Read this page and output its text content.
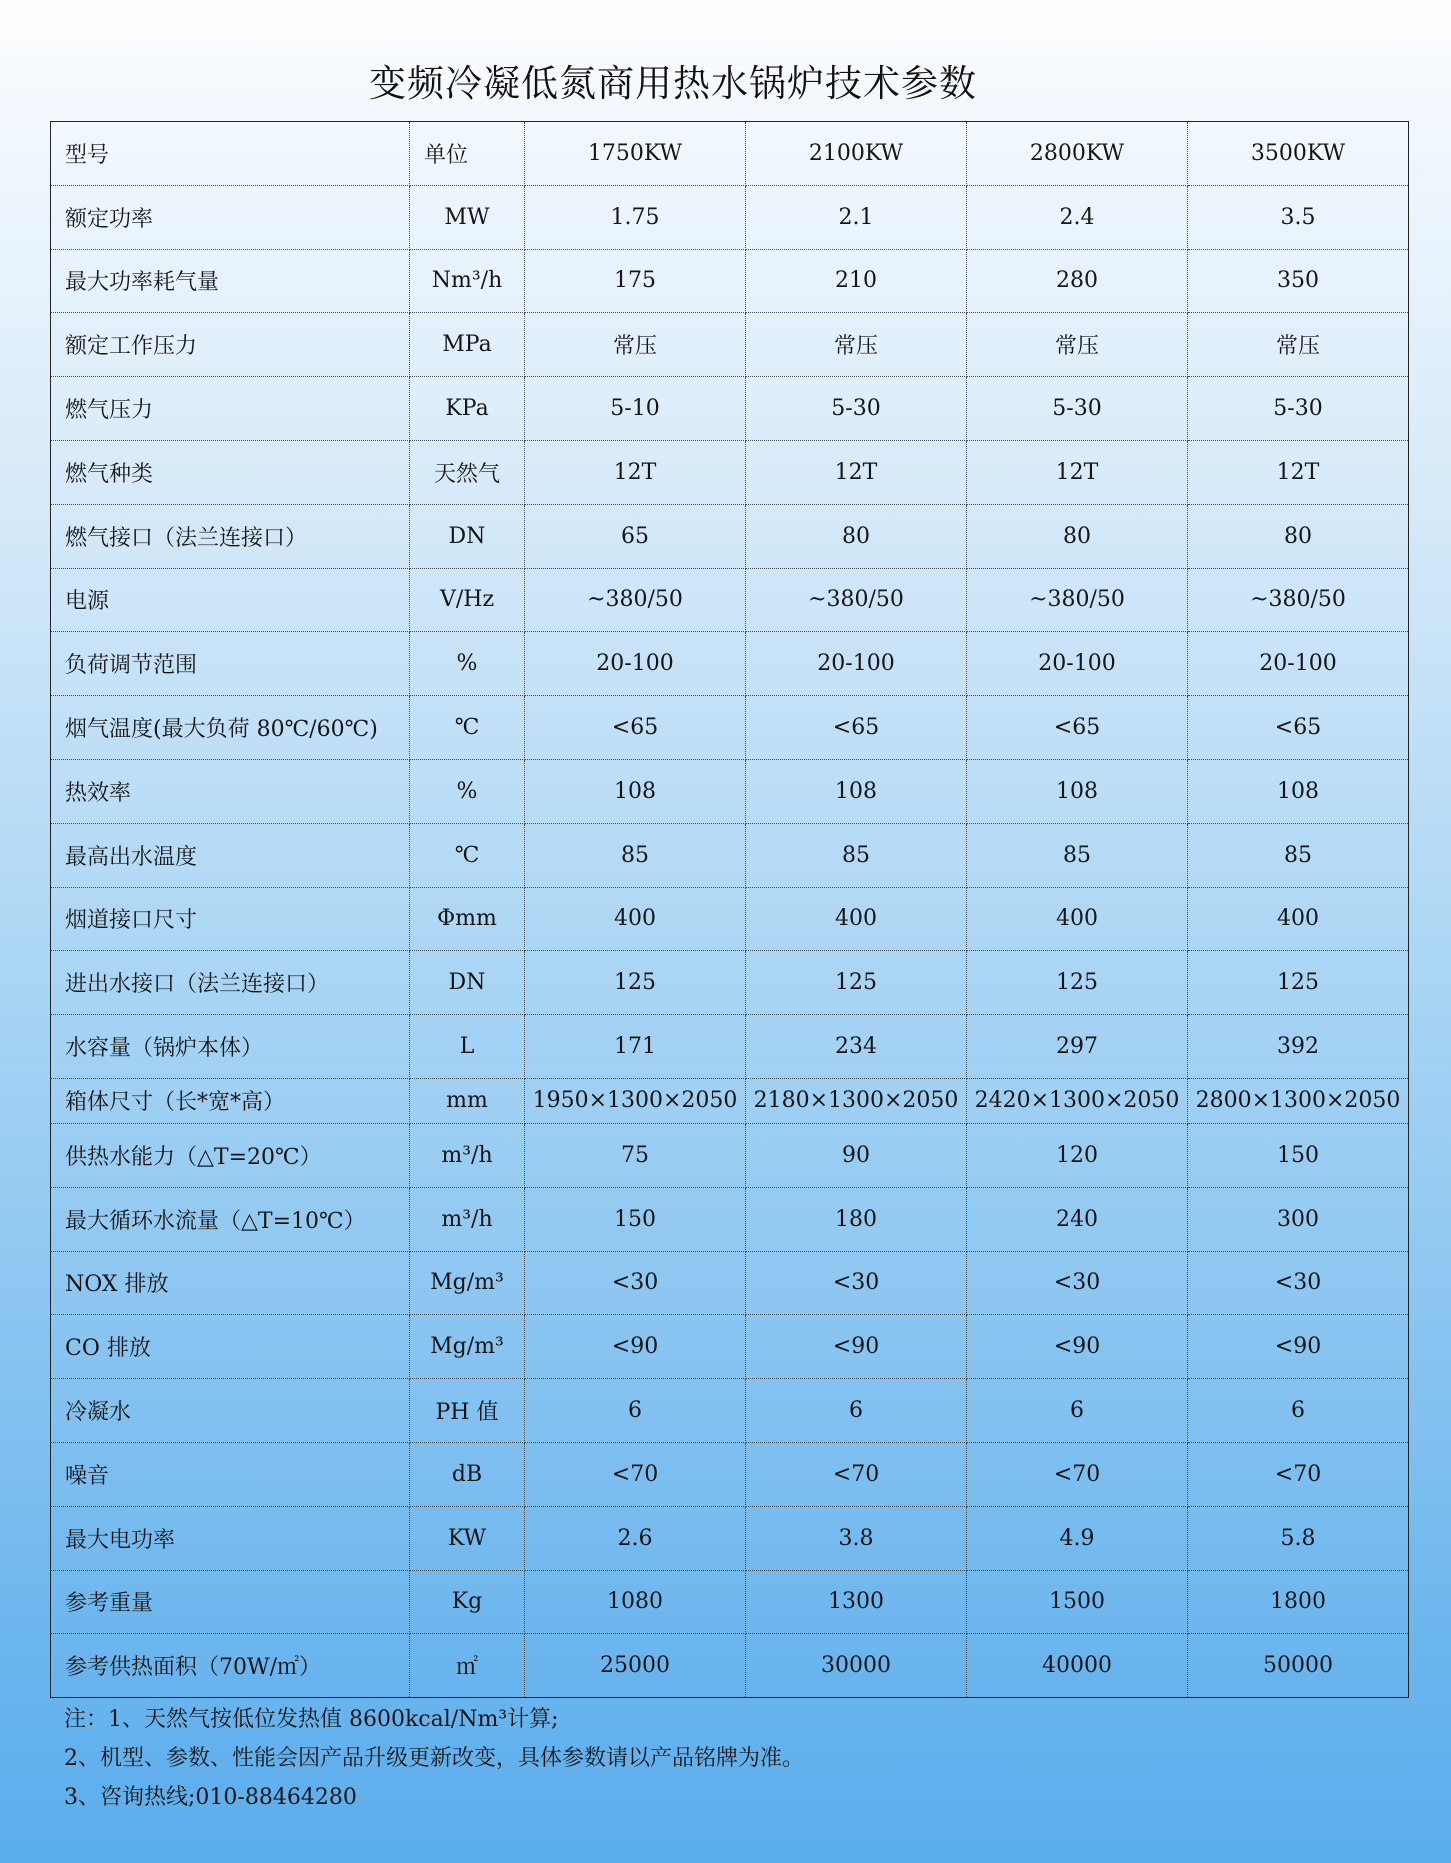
变频冷凝低氮商用热水锅炉技术参数
型号	单位	1750KW	2100KW	2800KW	3500KW
额定功率	MW	1.75	2.1	2.4	3.5
最大功率耗气量	Nm³/h	175	210	280	350
额定工作压力	MPa	常压	常压	常压	常压
燃气压力	KPa	5-10	5-30	5-30	5-30
燃气种类	天然气	12T	12T	12T	12T
燃气接口（法兰连接口）	DN	65	80	80	80
电源	V/Hz	~380/50	~380/50	~380/50	~380/50
负荷调节范围	%	20-100	20-100	20-100	20-100
烟气温度(最大负荷 80℃/60℃)	℃	<65	<65	<65	<65
热效率	%	108	108	108	108
最高出水温度	℃	85	85	85	85
烟道接口尺寸	Φmm	400	400	400	400
进出水接口（法兰连接口）	DN	125	125	125	125
水容量（锅炉本体）	L	171	234	297	392
箱体尺寸（长*宽*高）	mm	1950×1300×2050	2180×1300×2050	2420×1300×2050	2800×1300×2050
供热水能力（△T=20℃）	m³/h	75	90	120	150
最大循环水流量（△T=10℃）	m³/h	150	180	240	300
NOX 排放	Mg/m³	<30	<30	<30	<30
CO 排放	Mg/m³	<90	<90	<90	<90
冷凝水	PH 值	6	6	6	6
噪音	dB	<70	<70	<70	<70
最大电功率	KW	2.6	3.8	4.9	5.8
参考重量	Kg	1080	1300	1500	1800
参考供热面积（70W/㎡）	㎡	25000	30000	40000	50000
注：1、天然气按低位发热值 8600kcal/Nm³计算;
2、机型、参数、性能会因产品升级更新改变，具体参数请以产品铭牌为准。
3、咨询热线;010-88464280
